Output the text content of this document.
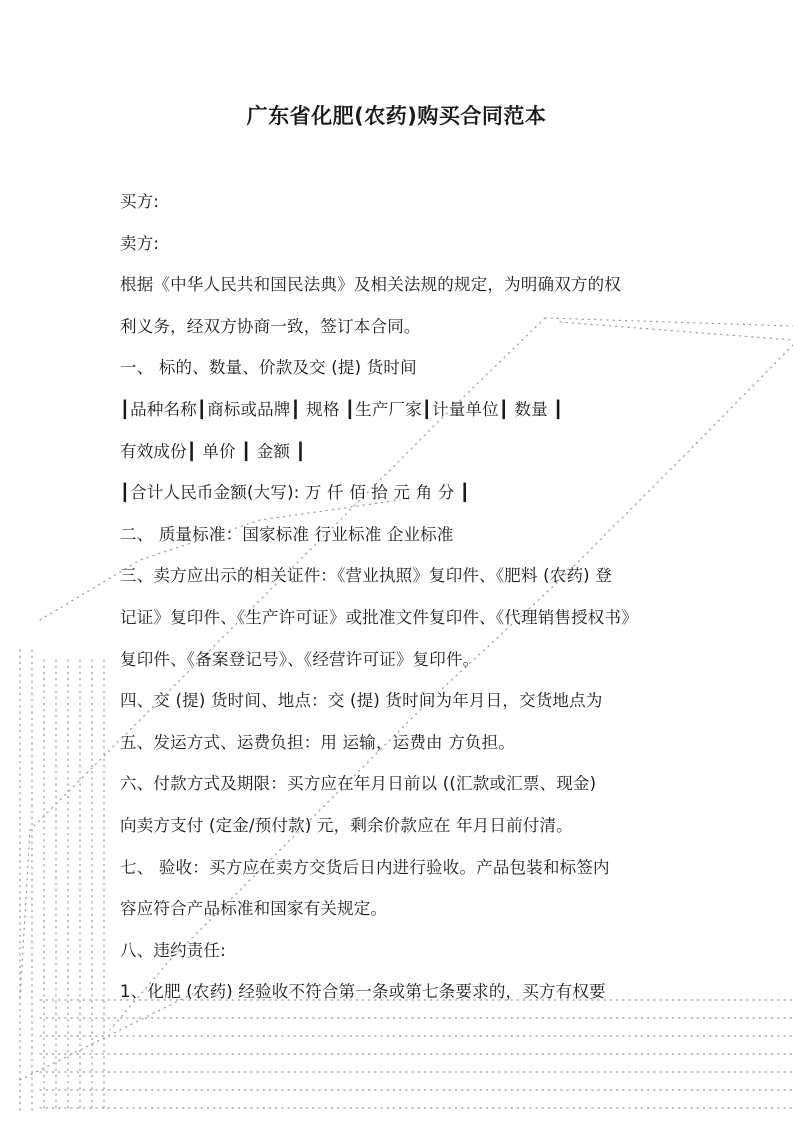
广东省化肥(农药)购买合同范本
买方:
卖方:
根据《中华人民共和国民法典》及相关法规的规定，为明确双方的权
利义务，经双方协商一致，签订本合同。
一、 标的、数量、价款及交 (提) 货时间
┃品种名称┃商标或品牌┃ 规格 ┃生产厂家┃计量单位┃ 数量 ┃
有效成份┃ 单价 ┃ 金额 ┃
┃合计人民币金额(大写): 万 仟 佰 拾 元 角 分 ┃
二、 质量标准：国家标准 行业标准 企业标准
三、卖方应出示的相关证件：《营业执照》复印件、《肥料 (农药) 登
记证》复印件、《生产许可证》或批准文件复印件、《代理销售授权书》
复印件、《备案登记号》、《经营许可证》复印件。
四、交 (提) 货时间、地点：交 (提) 货时间为年月日，交货地点为
五、发运方式、运费负担：用 运输，运费由 方负担。
六、付款方式及期限：买方应在年月日前以 ((汇款或汇票、现金)
向卖方支付 (定金/预付款) 元，剩余价款应在 年月日前付清。
七、 验收：买方应在卖方交货后日内进行验收。产品包装和标签内
容应符合产品标准和国家有关规定。
八、违约责任:
1、化肥 (农药) 经验收不符合第一条或第七条要求的，买方有权要
